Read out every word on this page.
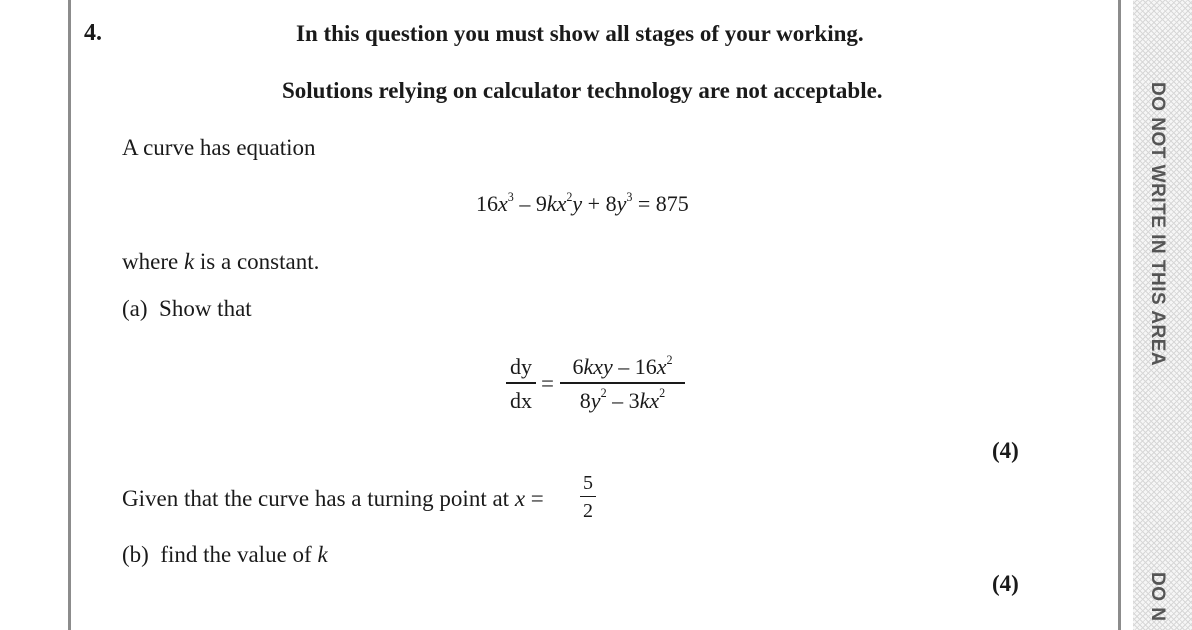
DO NOT WRITE IN THIS AREA
DO N
4.	In this question you must show all stages of your working.
Solutions relying on calculator technology are not acceptable.
A curve has equation
$16x^3 - 9kx^2y + 8y^3 = 875$
where k is a constant.
(a) Show that
dy
dx
=
$6kxy - 16x^2$
$8y^2 - 3kx^2$
(4)
Given that the curve has a turning point at x =
5
2
(b) find the value of k
(4)
